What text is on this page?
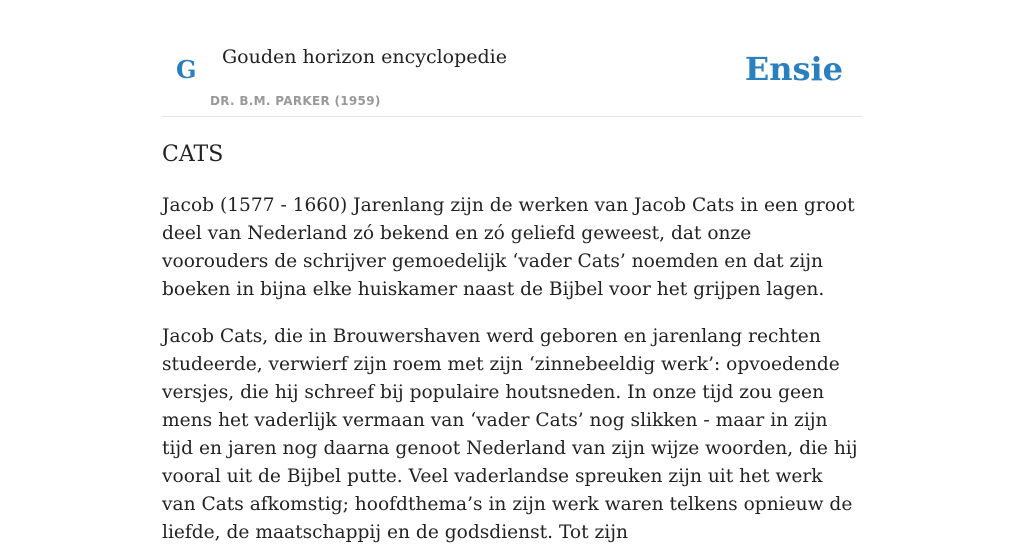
G Gouden horizon encyclopedie
DR. B.M. PARKER (1959)
Ensie
CATS

Jacob (1577 - 1660) Jarenlang zijn de werken van Jacob Cats in een groot deel van Nederland zó bekend en zó geliefd geweest, dat onze voorouders de schrijver gemoedelijk ‘vader Cats’ noemden en dat zijn boeken in bijna elke huiskamer naast de Bijbel voor het grijpen lagen.

Jacob Cats, die in Brouwershaven werd geboren en jarenlang rechten studeerde, verwierf zijn roem met zijn ‘zinnebeeldig werk’: opvoedende versjes, die hij schreef bij populaire houtsneden. In onze tijd zou geen mens het vaderlijk vermaan van ‘vader Cats’ nog slikken - maar in zijn tijd en jaren nog daarna genoot Nederland van zijn wijze woorden, die hij vooral uit de Bijbel putte. Veel vaderlandse spreuken zijn uit het werk van Cats afkomstig; hoofdthema’s in zijn werk waren telkens opnieuw de liefde, de maatschappij en de godsdienst. Tot zijn
